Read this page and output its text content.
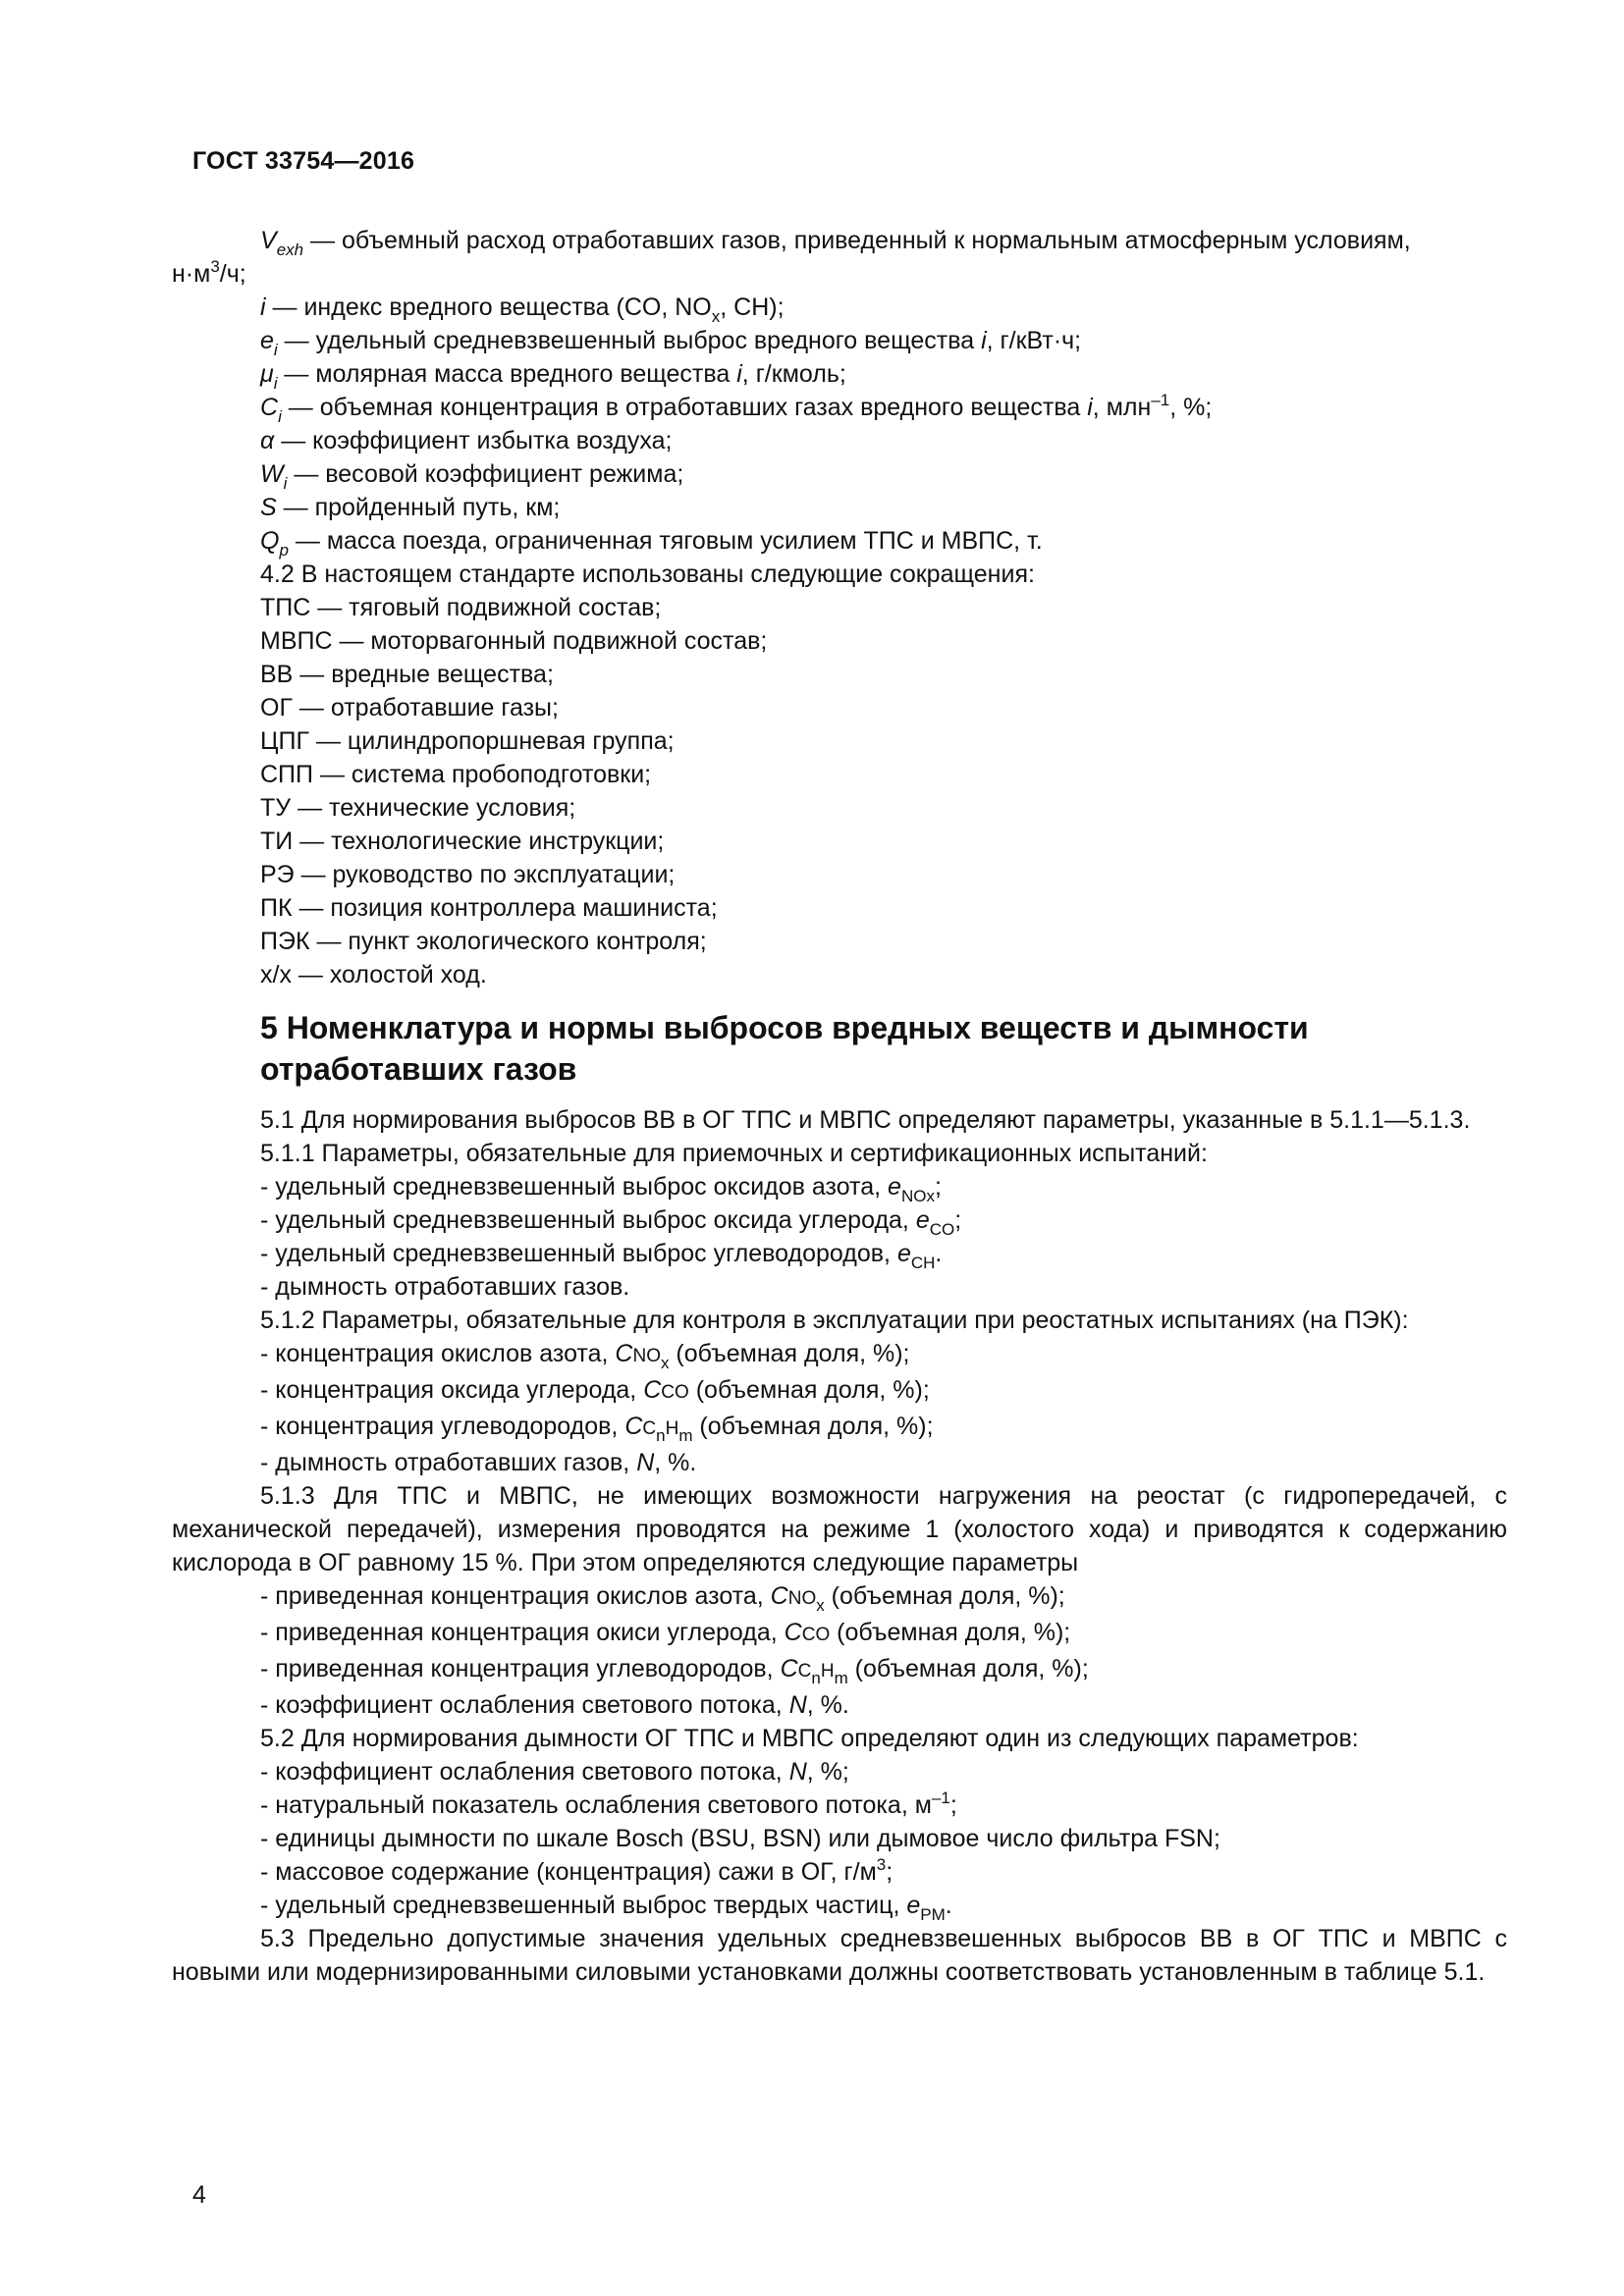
ГОСТ 33754—2016

$V_{exh}$ — объемный расход отработавших газов, приведенный к нормальным атмосферным условиям,

$н\cdot м^3/ч$;

i — индекс вредного вещества (CO, $NO_x$, CH);

$e_i$ — удельный средневзвешенный выброс вредного вещества i, г/кВт·ч;

$\mu_i$ — молярная масса вредного вещества i, г/кмоль;

$C_i$ — объемная концентрация в отработавших газах вредного вещества i, млн$^{-1}$, %;

α — коэффициент избытка воздуха;

$W_i$ — весовой коэффициент режима;

S — пройденный путь, км;

$Q_p$ — масса поезда, ограниченная тяговым усилием ТПС и МВПС, т.

4.2 В настоящем стандарте использованы следующие сокращения:

ТПС — тяговый подвижной состав;

МВПС — моторвагонный подвижной состав;

ВВ — вредные вещества;

ОГ — отработавшие газы;

ЦПГ — цилиндропоршневая группа;

СПП — система пробоподготовки;

ТУ — технические условия;

ТИ — технологические инструкции;

РЭ — руководство по эксплуатации;

ПК — позиция контроллера машиниста;

ПЭК — пункт экологического контроля;

х/х — холостой ход.

5 Номенклатура и нормы выбросов вредных веществ и дымности
отработавших газов

5.1 Для нормирования выбросов ВВ в ОГ ТПС и МВПС определяют параметры, указанные в 5.1.1—5.1.3.

5.1.1 Параметры, обязательные для приемочных и сертификационных испытаний:

- удельный средневзвешенный выброс оксидов азота, $e_{NOx}$;

- удельный средневзвешенный выброс оксида углерода, $e_{CO}$;

- удельный средневзвешенный выброс углеводородов, $e_{CH}$.

- дымность отработавших газов.

5.1.2 Параметры, обязательные для контроля в эксплуатации при реостатных испытаниях (на ПЭК):

- концентрация окислов азота, $CNO_x$ (объемная доля, %);

- концентрация оксида углерода, CCO (объемная доля, %);

- концентрация углеводородов, $CC_nH_m$ (объемная доля, %);

- дымность отработавших газов, N, %.

5.1.3 Для ТПС и МВПС, не имеющих возможности нагружения на реостат (с гидропередачей, с механической передачей), измерения проводятся на режиме 1 (холостого хода) и приводятся к содержанию кислорода в ОГ равному 15 %. При этом определяются следующие параметры

- приведенная концентрация окислов азота, $CNO_x$ (объемная доля, %);

- приведенная концентрация окиси углерода, CCO (объемная доля, %);

- приведенная концентрация углеводородов, $CC_nH_m$ (объемная доля, %);

- коэффициент ослабления светового потока, N, %.

5.2 Для нормирования дымности ОГ ТПС и МВПС определяют один из следующих параметров:

- коэффициент ослабления светового потока, N, %;

- натуральный показатель ослабления светового потока, $м^{-1}$;

- единицы дымности по шкале Bosch (BSU, BSN) или дымовое число фильтра FSN;

- массовое содержание (концентрация) сажи в ОГ, $г/м^3$;

- удельный средневзвешенный выброс твердых частиц, $e_{PM}$.

5.3 Предельно допустимые значения удельных средневзвешенных выбросов ВВ в ОГ ТПС и МВПС с новыми или модернизированными силовыми установками должны соответствовать установленным в таблице 5.1.

4
